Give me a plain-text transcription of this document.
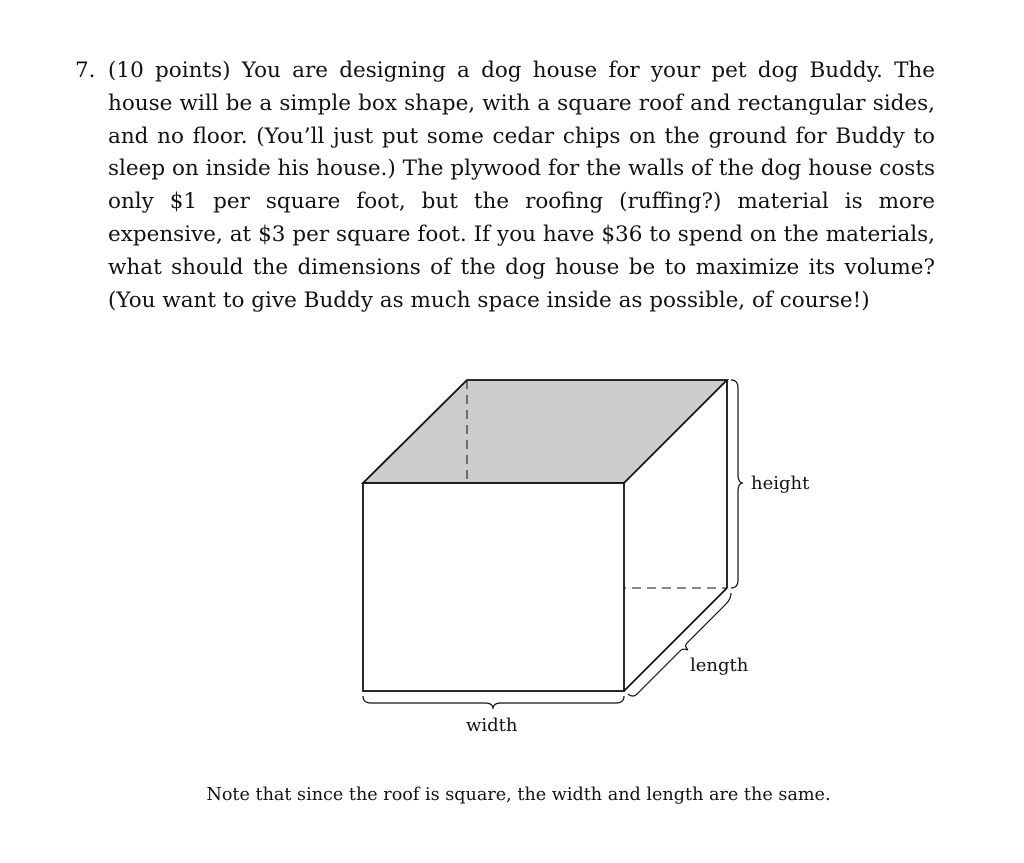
7. (10 points) You are designing a dog house for your pet dog Buddy. The house will be a simple box shape, with a square roof and rectangular sides, and no floor. (You’ll just put some cedar chips on the ground for Buddy to sleep on inside his house.) The plywood for the walls of the dog house costs only $1 per square foot, but the roofing (ruffing?) material is more expensive, at $3 per square foot. If you have $36 to spend on the materials, what should the dimensions of the dog house be to maximize its volume? (You want to give Buddy as much space inside as possible, of course!)
height
length
width
Note that since the roof is square, the width and length are the same.
